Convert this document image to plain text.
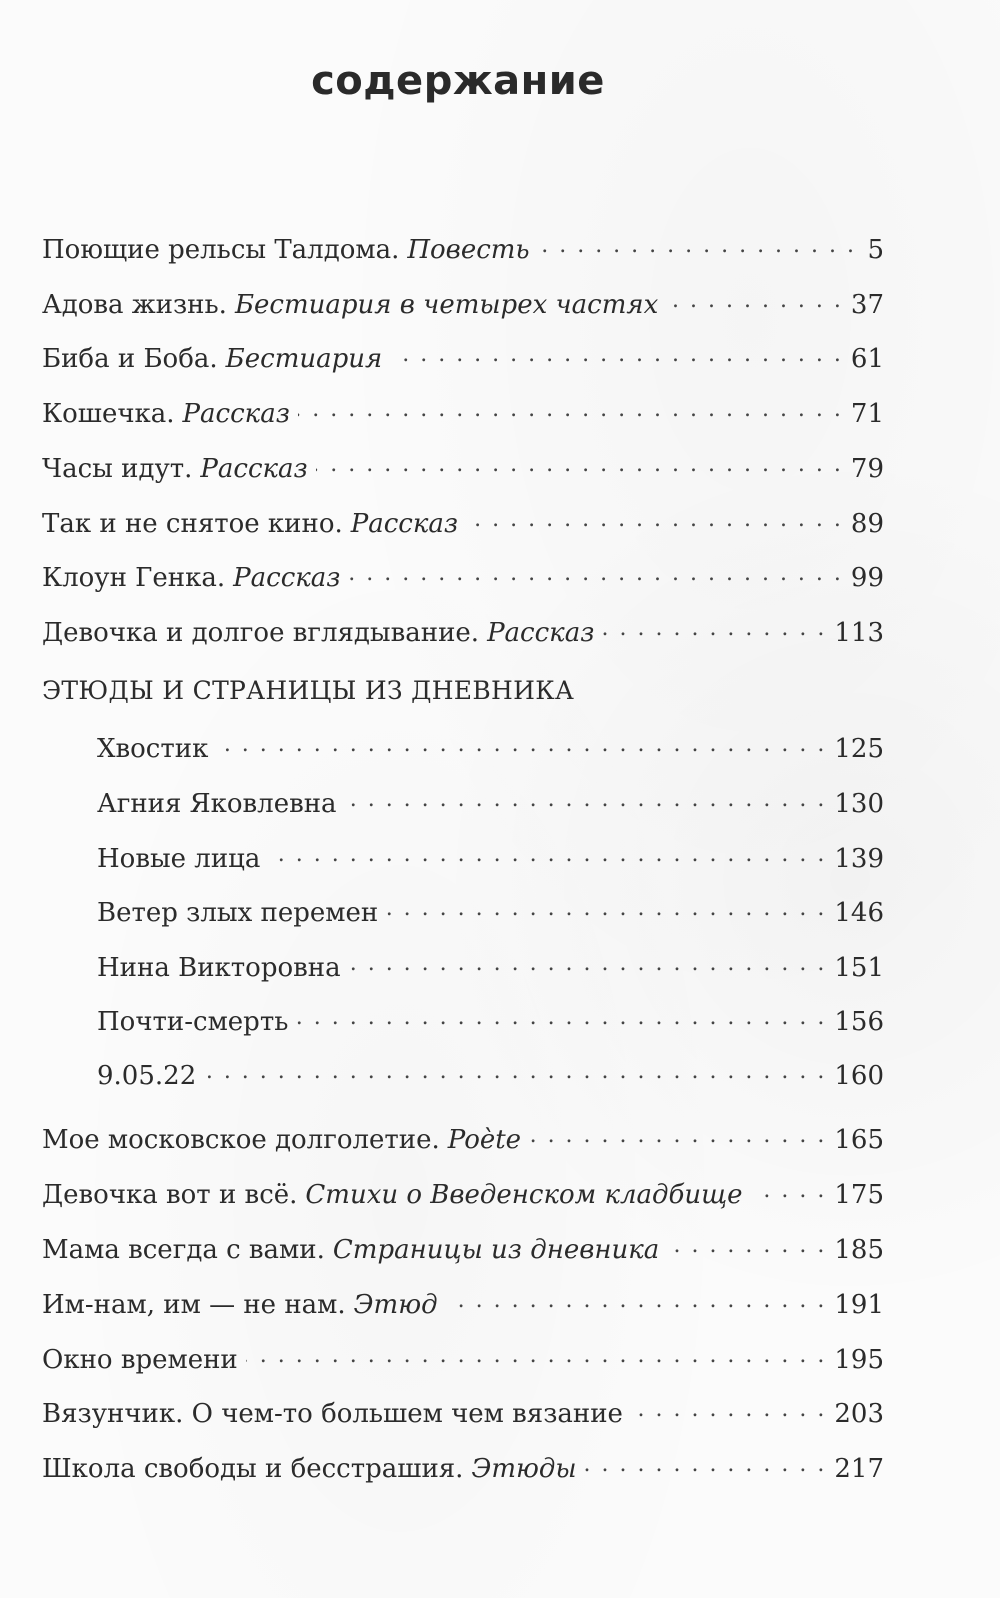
содержание
Поющие рельсы Талдома. Повесть . . .	5
Адова жизнь. Бестиария в четырех частях . . .	37
Биба и Боба. Бестиария . . .	61
Кошечка. Рассказ . . .	71
Часы идут. Рассказ . . .	79
Так и не снятое кино. Рассказ . . .	89
Клоун Генка. Рассказ . . .	99
Девочка и долгое вглядывание. Рассказ . . .	113
ЭТЮДЫ И СТРАНИЦЫ ИЗ ДНЕВНИКА
Хвостик . . .	125
Агния Яковлевна . . .	130
Новые лица . . .	139
Ветер злых перемен . . .	146
Нина Викторовна . . .	151
Почти-смерть . . .	156
9.05.22 . . .	160
Мое московское долголетие. Poète . . .	165
Девочка вот и всё. Стихи о Введенском кладбище . . .	175
Мама всегда с вами. Страницы из дневника . . .	185
Им-нам, им — не нам. Этюд . . .	191
Окно времени . . .	195
Вязунчик. О чем-то большем чем вязание . . .	203
Школа свободы и бесстрашия. Этюды . . .	217
